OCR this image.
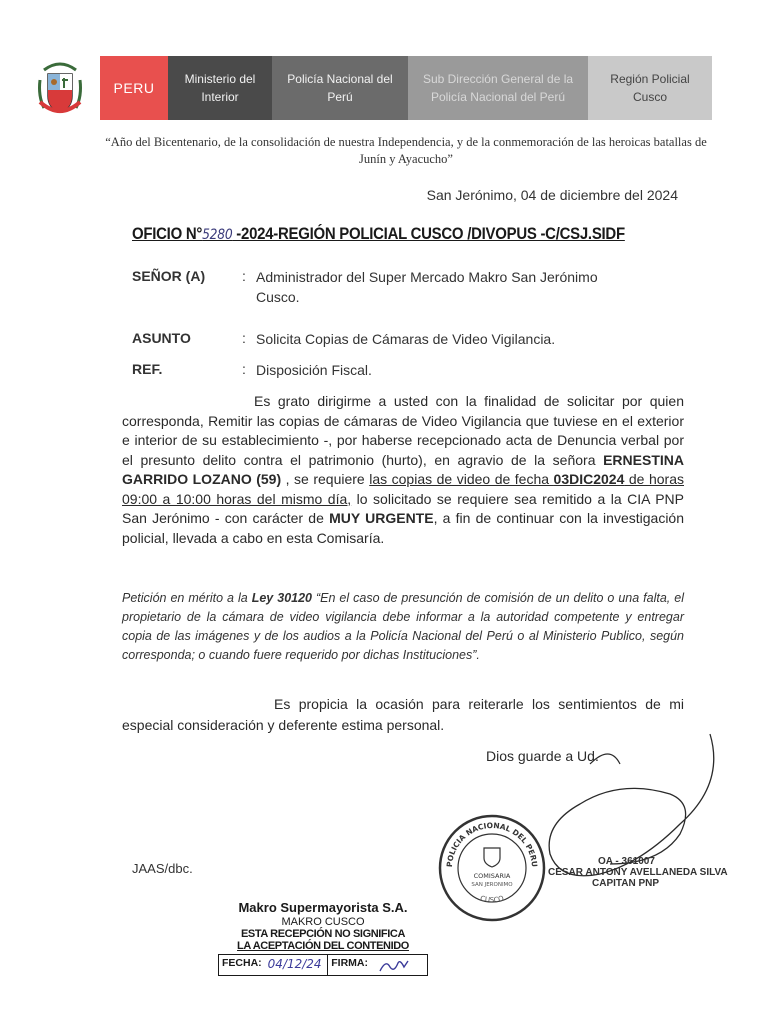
PERU
Ministerio del Interior
Policía Nacional del Perú
Sub Dirección General de la Policía Nacional del Perú
Región Policial Cusco
“Año del Bicentenario, de la consolidación de nuestra Independencia, y de la conmemoración de las heroicas batallas de Junín y Ayacucho”
San Jerónimo, 04 de diciembre del 2024
OFICIO N°5280 -2024-REGIÓN POLICIAL CUSCO /DIVOPUS -C/CSJ.SIDF
SEÑOR (A)	: Administrador del Super Mercado Makro San Jerónimo
Cusco.
ASUNTO	: Solicita Copias de Cámaras de Video Vigilancia.
REF.	: Disposición Fiscal.
Es grato dirigirme a usted con la finalidad de solicitar por quien corresponda, Remitir las copias de cámaras de Video Vigilancia que tuviese en el exterior e interior de su establecimiento -, por haberse recepcionado acta de Denuncia verbal por el presunto delito contra el patrimonio (hurto), en agravio de la señora ERNESTINA GARRIDO LOZANO (59) , se requiere las copias de video de fecha 03DIC2024 de horas 09:00 a 10:00 horas del mismo día, lo solicitado se requiere sea remitido a la CIA PNP San Jerónimo - con carácter de MUY URGENTE, a fin de continuar con la investigación policial, llevada a cabo en esta Comisaría.
Petición en mérito a la Ley 30120 “En el caso de presunción de comisión de un delito o una falta, el propietario de la cámara de video vigilancia debe informar a la autoridad competente y entregar copia de las imágenes y de los audios a la Policía Nacional del Perú o al Ministerio Publico, según corresponda; o cuando fuere requerido por dichas Instituciones”.
Es propicia la ocasión para reiterarle los sentimientos de mi especial consideración y deferente estima personal.
Dios guarde a Ud.
JAAS/dbc.	POLICIA NACIONAL DEL PERU
CUSCO
COMISARIA
SAN JERONIMO
OA - 361007
CESAR ANTONY AVELLANEDA SILVA
CAPITAN PNP
Makro Supermayorista S.A.
MAKRO CUSCO
ESTA RECEPCIÓN NO SIGNIFICA
LA ACEPTACIÓN DEL CONTENIDO
FECHA: 04/12/24 FIRMA:
